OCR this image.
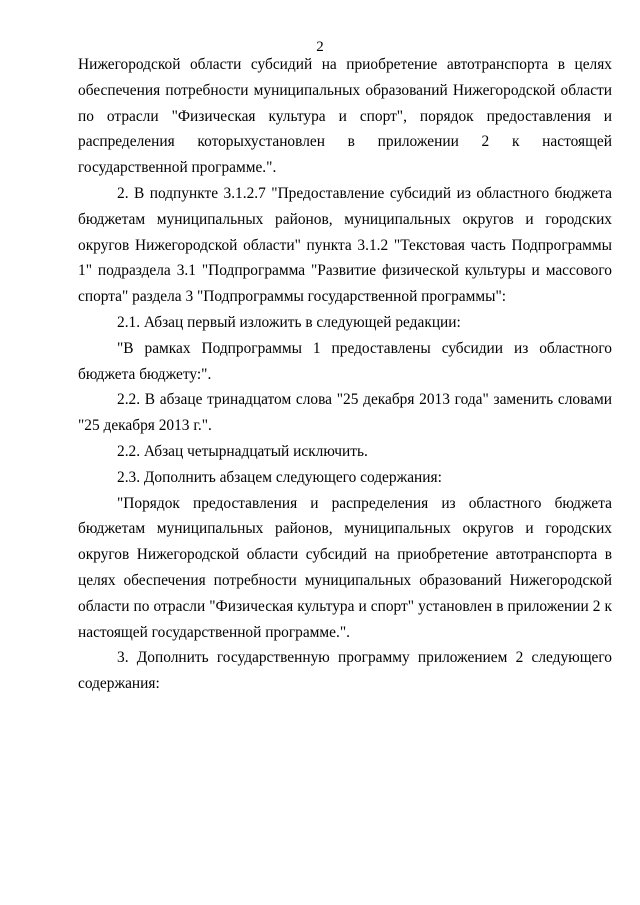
2

Нижегородской области субсидий на приобретение автотранспорта в целях обеспечения потребности муниципальных образований Нижегородской области по отрасли "Физическая культура и спорт", порядок предоставления и распределения которыхустановлен в приложении 2 к настоящей государственной программе.".

2. В подпункте 3.1.2.7 "Предоставление субсидий из областного бюджета бюджетам муниципальных районов, муниципальных округов и городских округов Нижегородской области" пункта 3.1.2 "Текстовая часть Подпрограммы 1" подраздела 3.1 "Подпрограмма "Развитие физической культуры и массового спорта" раздела 3 "Подпрограммы государственной программы":

2.1. Абзац первый изложить в следующей редакции:

"В рамках Подпрограммы 1 предоставлены субсидии из областного бюджета бюджету:".

2.2. В абзаце тринадцатом слова "25 декабря 2013 года" заменить словами "25 декабря 2013 г.".

2.2. Абзац четырнадцатый исключить.

2.3. Дополнить абзацем следующего содержания:

"Порядок предоставления и распределения из областного бюджета бюджетам муниципальных районов, муниципальных округов и городских округов Нижегородской области субсидий на приобретение автотранспорта в целях обеспечения потребности муниципальных образований Нижегородской области по отрасли "Физическая культура и спорт" установлен в приложении 2 к настоящей государственной программе.".

3. Дополнить государственную программу приложением 2 следующего содержания:
